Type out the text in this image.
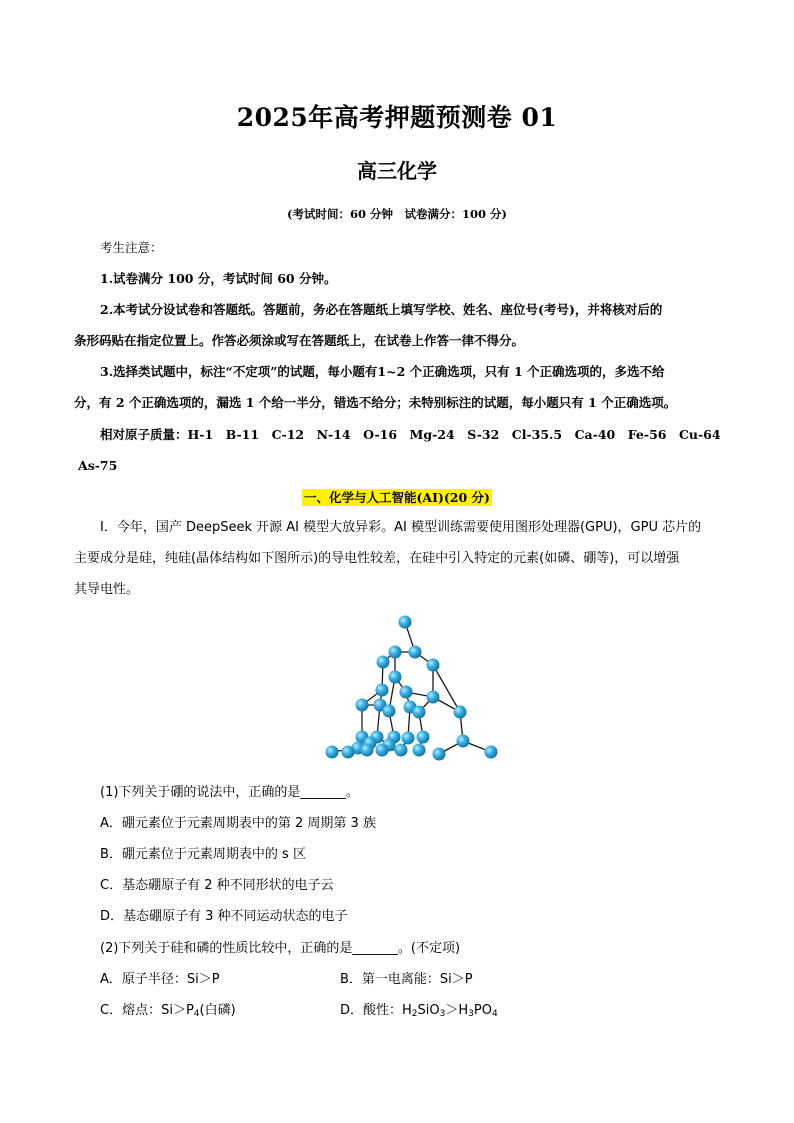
2025年高考押题预测卷 01
高三化学
(考试时间：60 分钟　试卷满分：100 分)
考生注意：
1.试卷满分 100 分，考试时间 60 分钟。
2.本考试分设试卷和答题纸。答题前，务必在答题纸上填写学校、姓名、座位号(考号)，并将核对后的
条形码贴在指定位置上。作答必须涂或写在答题纸上，在试卷上作答一律不得分。
3.选择类试题中，标注“不定项”的试题，每小题有1~2 个正确选项，只有 1 个正确选项的，多选不给
分，有 2 个正确选项的，漏选 1 个给一半分，错选不给分；未特别标注的试题，每小题只有 1 个正确选项。
相对原子质量：H-1　B-11　C-12　N-14　O-16　Mg-24　S-32　Cl-35.5　Ca-40　Fe-56　Cu-64
As-75
一、化学与人工智能(AI)(20 分)
I．今年，国产 DeepSeek 开源 AI 模型大放异彩。AI 模型训练需要使用图形处理器(GPU)，GPU 芯片的
主要成分是硅，纯硅(晶体结构如下图所示)的导电性较差，在硅中引入特定的元素(如磷、硼等)，可以增强
其导电性。
(1)下列关于硼的说法中，正确的是_______。
A．硼元素位于元素周期表中的第 2 周期第 3 族
B．硼元素位于元素周期表中的 s 区
C．基态硼原子有 2 种不同形状的电子云
D．基态硼原子有 3 种不同运动状态的电子
(2)下列关于硅和磷的性质比较中，正确的是_______。(不定项)
A．原子半径：Si＞P	B．第一电离能：Si＞P
C．熔点：$Si>P_4$(白磷)	D．酸性：$H_2SiO_3>H_3PO_4$
